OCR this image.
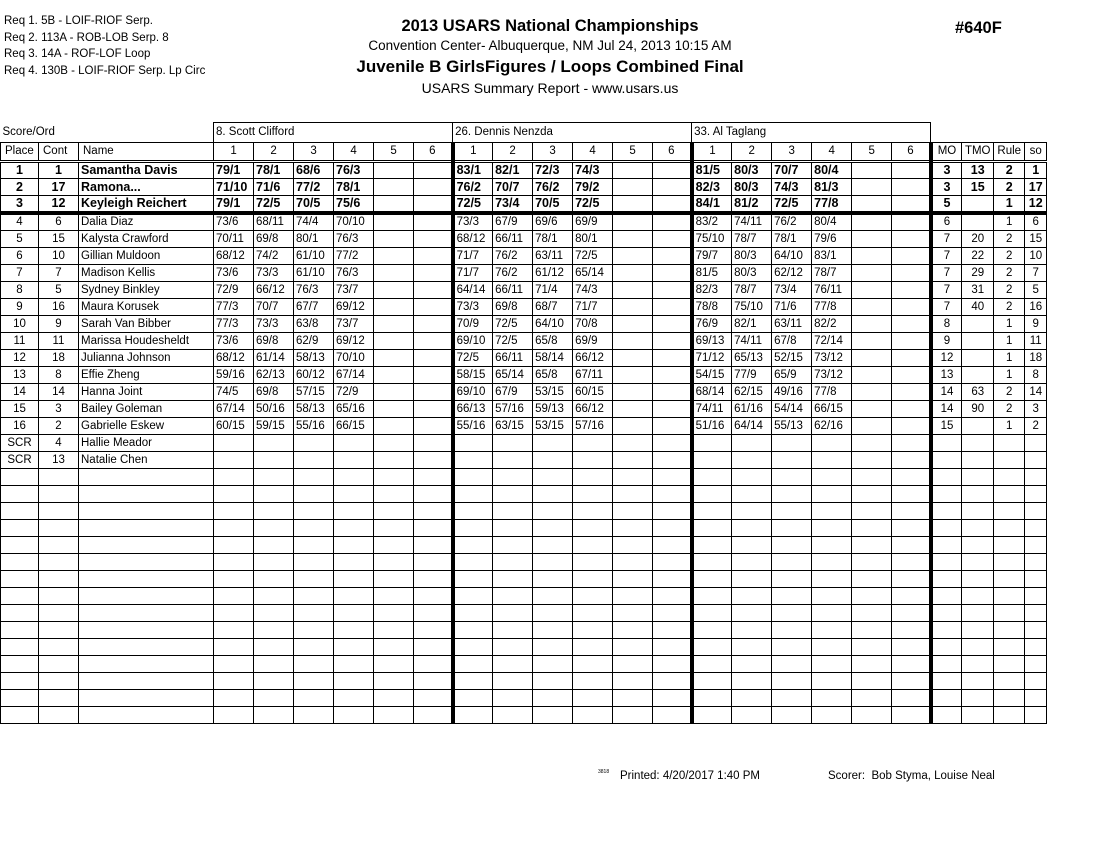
Req 1. 5B - LOIF-RIOF Serp.
Req 2. 113A - ROB-LOB Serp. 8
Req 3. 14A - ROF-LOF Loop
Req 4. 130B - LOIF-RIOF Serp. Lp Circ
2013 USARS National Championships
Convention Center- Albuquerque, NM Jul 24, 2013 10:15 AM
Juvenile B GirlsFigures / Loops Combined Final
USARS Summary Report - www.usars.us
#640F
Score/Ord			8. Scott Clifford						26. Dennis Nenzda						33. Al Taglang									
Place	Cont	Name	1	2	3	4	5	6	1	2	3	4	5	6	1	2	3	4	5	6	MO	TMO	Rule	so
1	1	Samantha Davis	79/1	78/1	68/6	76/3			83/1	82/1	72/3	74/3			81/5	80/3	70/7	80/4			3	13	2	1
2	17	Ramona...	71/10	71/6	77/2	78/1			76/2	70/7	76/2	79/2			82/3	80/3	74/3	81/3			3	15	2	17
3	12	Keyleigh Reichert	79/1	72/5	70/5	75/6			72/5	73/4	70/5	72/5			84/1	81/2	72/5	77/8			5		1	12
4	6	Dalia Diaz	73/6	68/11	74/4	70/10			73/3	67/9	69/6	69/9			83/2	74/11	76/2	80/4			6		1	6
5	15	Kalysta Crawford	70/11	69/8	80/1	76/3			68/12	66/11	78/1	80/1			75/10	78/7	78/1	79/6			7	20	2	15
6	10	Gillian Muldoon	68/12	74/2	61/10	77/2			71/7	76/2	63/11	72/5			79/7	80/3	64/10	83/1			7	22	2	10
7	7	Madison Kellis	73/6	73/3	61/10	76/3			71/7	76/2	61/12	65/14			81/5	80/3	62/12	78/7			7	29	2	7
8	5	Sydney Binkley	72/9	66/12	76/3	73/7			64/14	66/11	71/4	74/3			82/3	78/7	73/4	76/11			7	31	2	5
9	16	Maura Korusek	77/3	70/7	67/7	69/12			73/3	69/8	68/7	71/7			78/8	75/10	71/6	77/8			7	40	2	16
10	9	Sarah Van Bibber	77/3	73/3	63/8	73/7			70/9	72/5	64/10	70/8			76/9	82/1	63/11	82/2			8		1	9
11	11	Marissa Houdesheldt	73/6	69/8	62/9	69/12			69/10	72/5	65/8	69/9			69/13	74/11	67/8	72/14			9		1	11
12	18	Julianna Johnson	68/12	61/14	58/13	70/10			72/5	66/11	58/14	66/12			71/12	65/13	52/15	73/12			12		1	18
13	8	Effie Zheng	59/16	62/13	60/12	67/14			58/15	65/14	65/8	67/11			54/15	77/9	65/9	73/12			13		1	8
14	14	Hanna Joint	74/5	69/8	57/15	72/9			69/10	67/9	53/15	60/15			68/14	62/15	49/16	77/8			14	63	2	14
15	3	Bailey Goleman	67/14	50/16	58/13	65/16			66/13	57/16	59/13	66/12			74/11	61/16	54/14	66/15			14	90	2	3
16	2	Gabrielle Eskew	60/15	59/15	55/16	66/15			55/16	63/15	53/15	57/16			51/16	64/14	55/13	62/16			15		1	2
SCR	4	Hallie Meador																						
SCR	13	Natalie Chen																						

3818 Printed: 4/20/2017 1:40 PM	Scorer:  Bob Styma, Louise Neal
